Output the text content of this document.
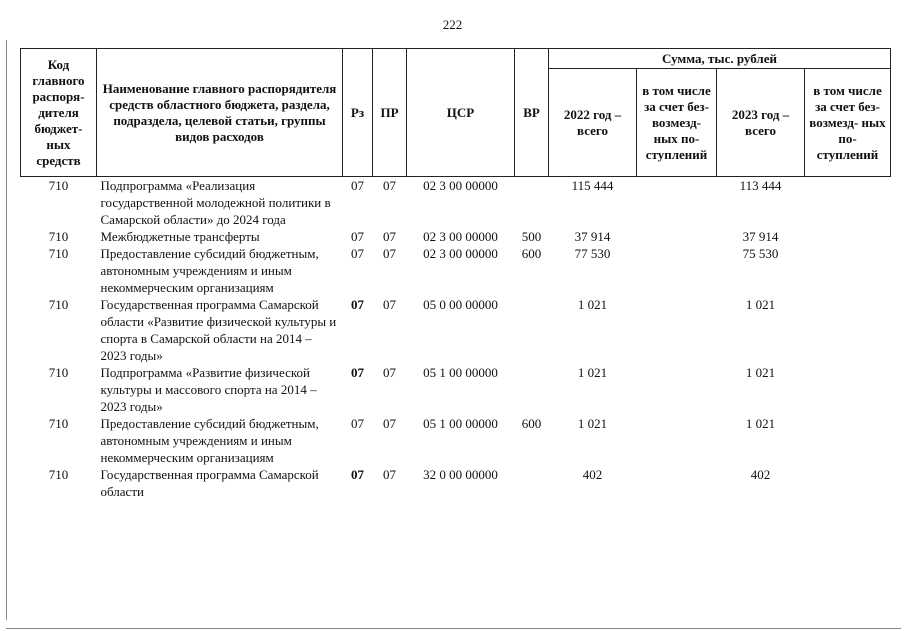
222
Код главного распоря- дителя бюджет- ных средств	Наименование главного распорядителя средств областного бюджета, раздела, подраздела, целевой статьи, группы видов расходов	Рз	ПР	ЦСР	ВР	Сумма, тыс. рублей			
						2022 год – всего	в том числе за счет без- возмезд- ных по- ступлений	2023 год – всего	в том числе за счет без- возмезд- ных по- ступлений
710	Подпрограмма «Реализация государственной молодежной политики в Самарской области» до 2024 года	07	07	02 3 00 00000		115 444		113 444	
710	Межбюджетные трансферты	07	07	02 3 00 00000	500	37 914		37 914	
710	Предоставление субсидий бюджетным, автономным учреждениям и иным некоммерческим организациям	07	07	02 3 00 00000	600	77 530		75 530	
710	Государственная программа Самарской области «Развитие физической культуры и спорта в Самарской области на 2014 – 2023 годы»	07	07	05 0 00 00000		1 021		1 021	
710	Подпрограмма «Развитие физической культуры и массового спорта на 2014 – 2023 годы»	07	07	05 1 00 00000		1 021		1 021	
710	Предоставление субсидий бюджетным, автономным учреждениям и иным некоммерческим организациям	07	07	05 1 00 00000	600	1 021		1 021	
710	Государственная программа Самарской области	07	07	32 0 00 00000		402		402	
